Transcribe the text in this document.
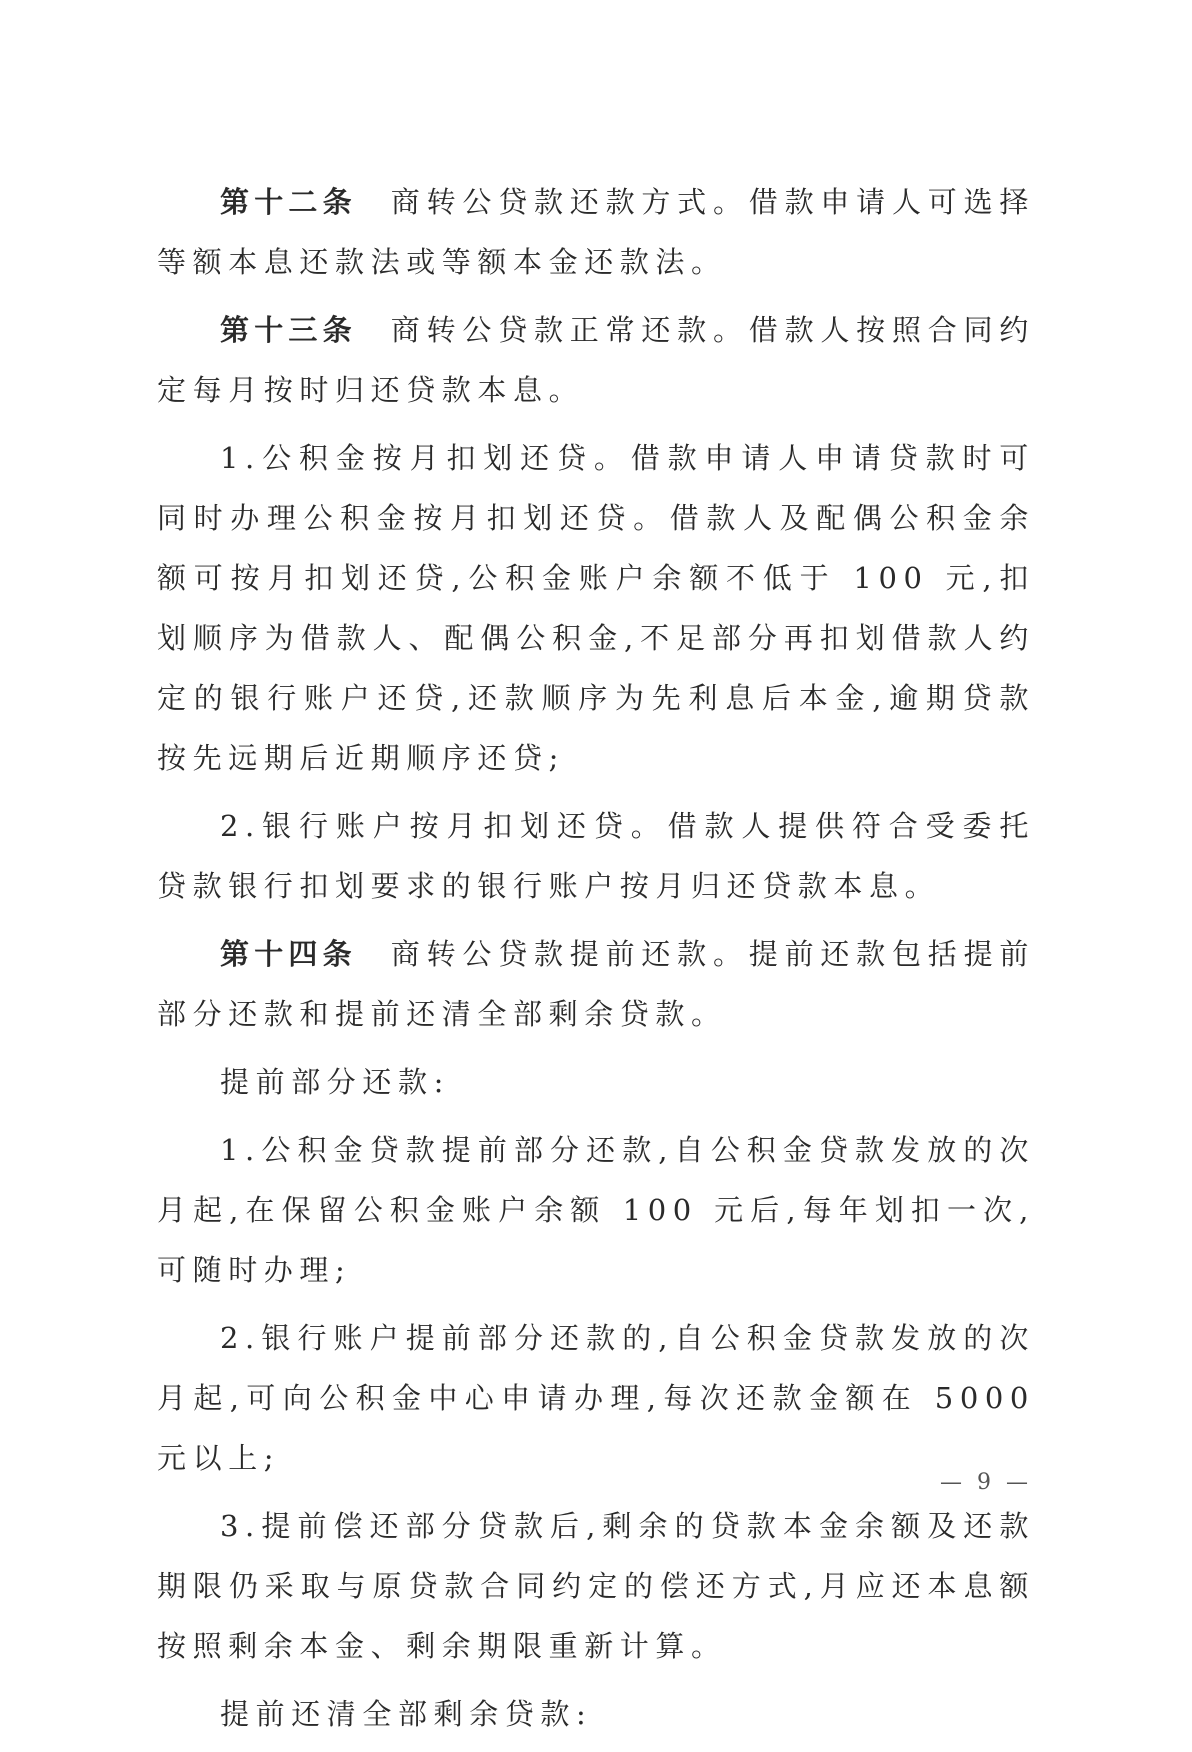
第十二条 商转公贷款还款方式。借款申请人可选择等额本息还款法或等额本金还款法。

第十三条 商转公贷款正常还款。借款人按照合同约定每月按时归还贷款本息。

1.公积金按月扣划还贷。借款申请人申请贷款时可同时办理公积金按月扣划还贷。借款人及配偶公积金余额可按月扣划还贷,公积金账户余额不低于 100 元,扣划顺序为借款人、配偶公积金,不足部分再扣划借款人约定的银行账户还贷,还款顺序为先利息后本金,逾期贷款按先远期后近期顺序还贷;

2.银行账户按月扣划还贷。借款人提供符合受委托贷款银行扣划要求的银行账户按月归还贷款本息。

第十四条 商转公贷款提前还款。提前还款包括提前部分还款和提前还清全部剩余贷款。

提前部分还款:

1.公积金贷款提前部分还款,自公积金贷款发放的次月起,在保留公积金账户余额 100 元后,每年划扣一次,可随时办理;

2.银行账户提前部分还款的,自公积金贷款发放的次月起,可向公积金中心申请办理,每次还款金额在 5000 元以上;

3.提前偿还部分贷款后,剩余的贷款本金余额及还款期限仍采取与原贷款合同约定的偿还方式,月应还本息额按照剩余本金、剩余期限重新计算。

提前还清全部剩余贷款:

— 9 —
